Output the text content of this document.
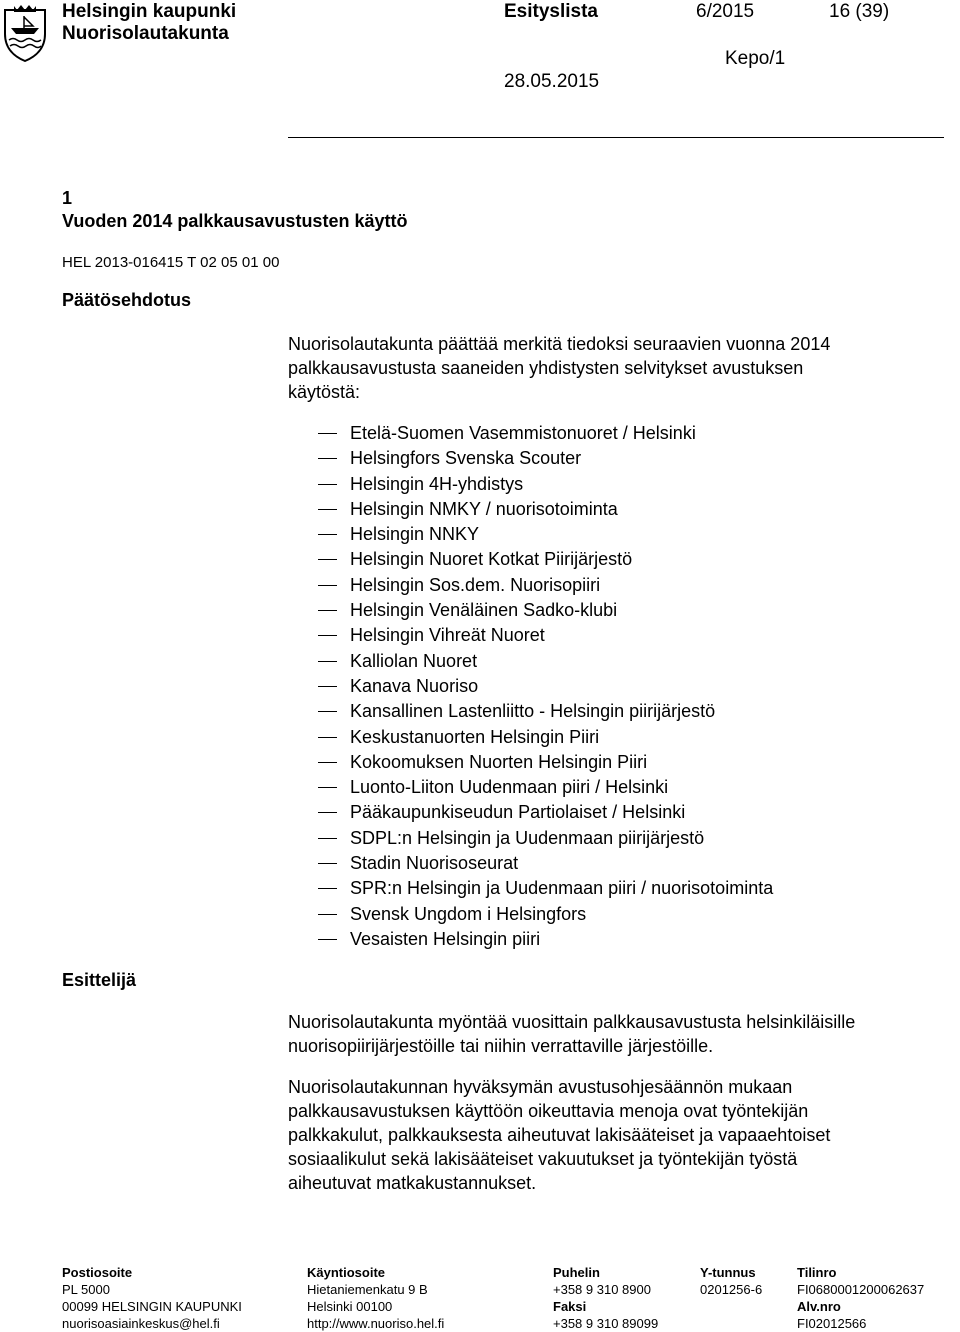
Helsingin kaupunki
Nuorisolautakunta
Esityslista	6/2015	16 (39)
Kepo/1
28.05.2015
1
Vuoden 2014 palkkausavustusten käyttö
HEL 2013-016415 T 02 05 01 00
Päätösehdotus
Nuorisolautakunta päättää merkitä tiedoksi seuraavien vuonna 2014
palkkausavustusta saaneiden yhdistysten selvitykset avustuksen
käytöstä:
Etelä-Suomen Vasemmistonuoret / Helsinki
Helsingfors Svenska Scouter
Helsingin 4H-yhdistys
Helsingin NMKY / nuorisotoiminta
Helsingin NNKY
Helsingin Nuoret Kotkat Piirijärjestö
Helsingin Sos.dem. Nuorisopiiri
Helsingin Venäläinen Sadko-klubi
Helsingin Vihreät Nuoret
Kalliolan Nuoret
Kanava Nuoriso
Kansallinen Lastenliitto - Helsingin piirijärjestö
Keskustanuorten Helsingin Piiri
Kokoomuksen Nuorten Helsingin Piiri
Luonto-Liiton Uudenmaan piiri / Helsinki
Pääkaupunkiseudun Partiolaiset / Helsinki
SDPL:n Helsingin ja Uudenmaan piirijärjestö
Stadin Nuorisoseurat
SPR:n Helsingin ja Uudenmaan piiri / nuorisotoiminta
Svensk Ungdom i Helsingfors
Vesaisten Helsingin piiri
Esittelijä
Nuorisolautakunta myöntää vuosittain palkkausavustusta helsinkiläisille
nuorisopiirijärjestöille tai niihin verrattaville järjestöille.
Nuorisolautakunnan hyväksymän avustusohjesäännön mukaan
palkkausavustuksen käyttöön oikeuttavia menoja ovat työntekijän
palkkakulut, palkkauksesta aiheutuvat lakisääteiset ja vapaaehtoiset
sosiaalikulut sekä lakisääteiset vakuutukset ja työntekijän työstä
aiheutuvat matkakustannukset.
Postiosoite
PL 5000
00099 HELSINGIN KAUPUNKI
nuorisoasiainkeskus@hel.fi
Käyntiosoite
Hietaniemenkatu 9 B
Helsinki 00100
http://www.nuoriso.hel.fi
Puhelin
+358 9 310 8900
Faksi
+358 9 310 89099
Y-tunnus
0201256-6
Tilinro
FI0680001200062637
Alv.nro
FI02012566
